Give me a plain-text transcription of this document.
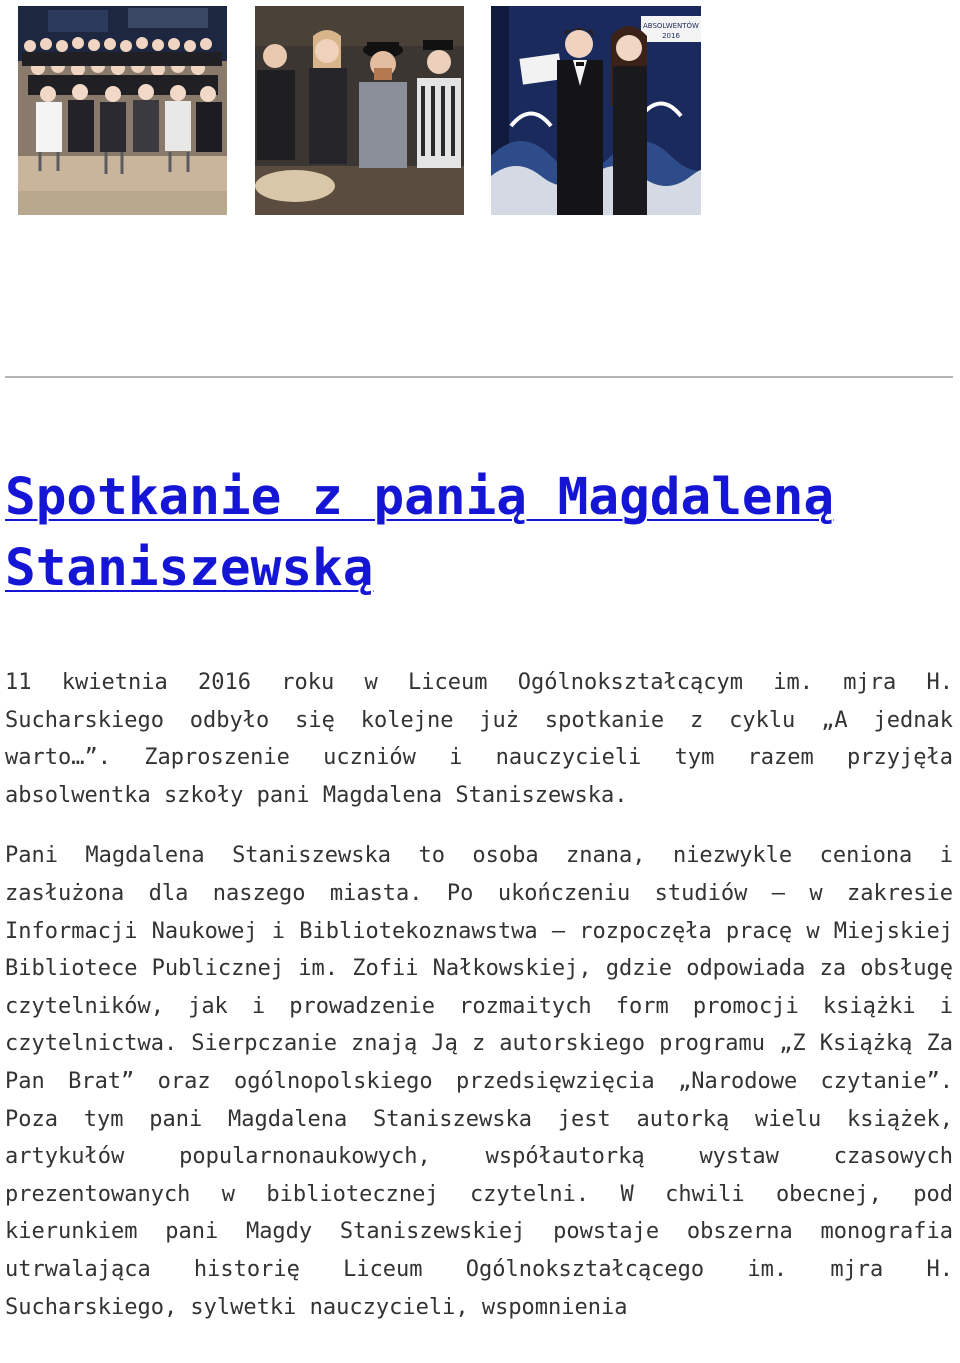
ABSOLWENTÓW
2016
Spotkanie z panią Magdaleną Staniszewską

11 kwietnia 2016 roku w Liceum Ogólnokształcącym im. mjra H. Sucharskiego odbyło się kolejne już spotkanie z cyklu „A jednak warto…”. Zaproszenie uczniów i nauczycieli tym razem przyjęła absolwentka szkoły pani Magdalena Staniszewska.

Pani Magdalena Staniszewska to osoba znana, niezwykle ceniona i zasłużona dla naszego miasta. Po ukończeniu studiów – w zakresie Informacji Naukowej i Bibliotekoznawstwa – rozpoczęła pracę w Miejskiej Bibliotece Publicznej im. Zofii Nałkowskiej, gdzie odpowiada za obsługę czytelników, jak i prowadzenie rozmaitych form promocji książki i czytelnictwa. Sierpczanie znają Ją z autorskiego programu „Z Książką Za Pan Brat” oraz ogólnopolskiego przedsięwzięcia „Narodowe czytanie”. Poza tym pani Magdalena Staniszewska jest autorką wielu książek, artykułów popularnonaukowych, współautorką wystaw czasowych prezentowanych w bibliotecznej czytelni. W chwili obecnej, pod kierunkiem pani Magdy Staniszewskiej powstaje obszerna monografia utrwalająca historię Liceum Ogólnokształcącego im. mjra H. Sucharskiego, sylwetki nauczycieli, wspomnienia
